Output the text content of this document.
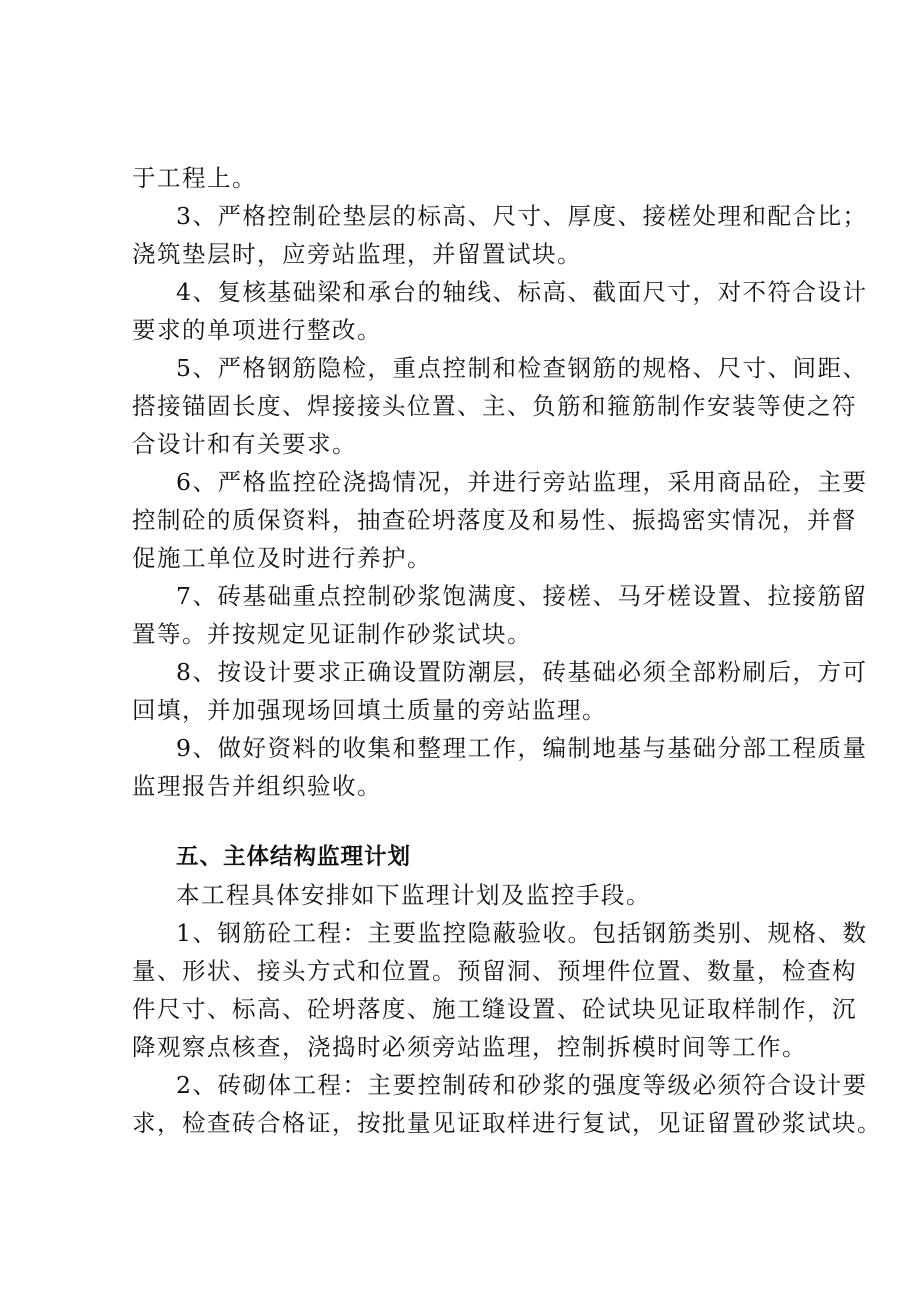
于工程上。
3、严格控制砼垫层的标高、尺寸、厚度、接槎处理和配合比；
浇筑垫层时，应旁站监理，并留置试块。
4、复核基础梁和承台的轴线、标高、截面尺寸，对不符合设计
要求的单项进行整改。
5、严格钢筋隐检，重点控制和检查钢筋的规格、尺寸、间距、
搭接锚固长度、焊接接头位置、主、负筋和箍筋制作安装等使之符
合设计和有关要求。
6、严格监控砼浇捣情况，并进行旁站监理，采用商品砼，主要
控制砼的质保资料，抽查砼坍落度及和易性、振捣密实情况，并督
促施工单位及时进行养护。
7、砖基础重点控制砂浆饱满度、接槎、马牙槎设置、拉接筋留
置等。并按规定见证制作砂浆试块。
8、按设计要求正确设置防潮层，砖基础必须全部粉刷后，方可
回填，并加强现场回填土质量的旁站监理。
9、做好资料的收集和整理工作，编制地基与基础分部工程质量
监理报告并组织验收。
五、主体结构监理计划
本工程具体安排如下监理计划及监控手段。
1、钢筋砼工程：主要监控隐蔽验收。包括钢筋类别、规格、数
量、形状、接头方式和位置。预留洞、预埋件位置、数量，检查构
件尺寸、标高、砼坍落度、施工缝设置、砼试块见证取样制作，沉
降观察点核查，浇捣时必须旁站监理，控制拆模时间等工作。
2、砖砌体工程：主要控制砖和砂浆的强度等级必须符合设计要
求，检查砖合格证，按批量见证取样进行复试，见证留置砂浆试块。
